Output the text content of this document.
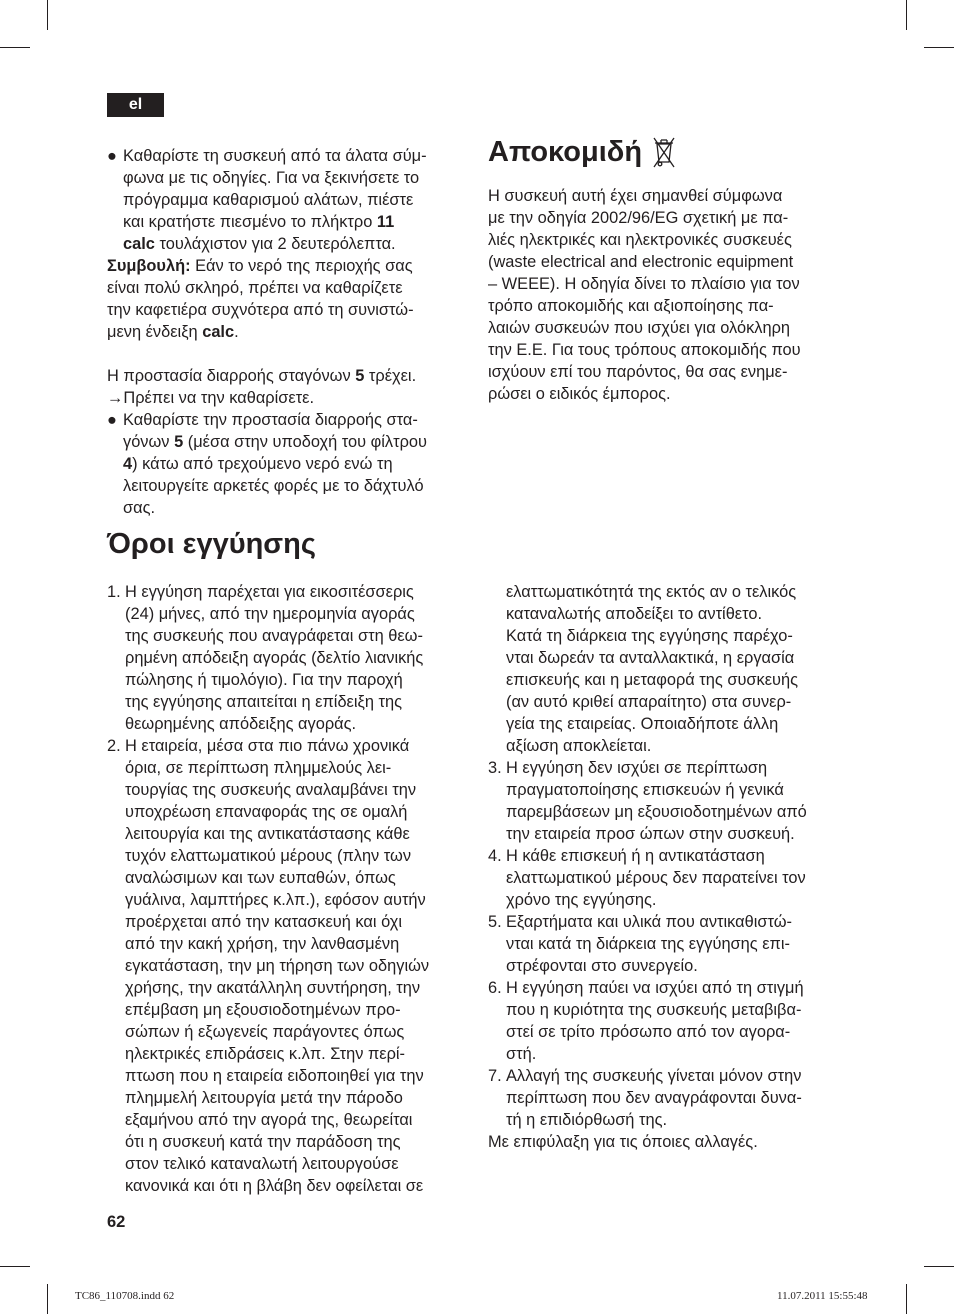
el
● Καθαρίστε τη συσκευή από τα άλατα σύμ-
φωνα με τις οδηγίες. Για να ξεκινήσετε το
πρόγραμμα καθαρισμού αλάτων, πιέστε
και κρατήστε πιεσμένο το πλήκτρο 11
calc τουλάχιστον για 2 δευτερόλεπτα.

Συμβουλή: Εάν το νερό της περιοχής σας
είναι πολύ σκληρό, πρέπει να καθαρίζετε
την καφετιέρα συχνότερα από τη συνιστώ-
μενη ένδειξη calc.

Η προστασία διαρροής σταγόνων 5 τρέχει.

→Πρέπει να την καθαρίσετε.

● Καθαρίστε την προστασία διαρροής στα-
γόνων 5 (μέσα στην υποδοχή του φίλτρου
4) κάτω από τρεχούμενο νερό ενώ τη
λειτουργείτε αρκετές φορές με το δάχτυλό
σας.
Αποκομιδή
Η συσκευή αυτή έχει σημανθεί σύμφωνα
με την οδηγία 2002/96/EG σχετική με πα-
λιές ηλεκτρικές και ηλεκτρονικές συσκευές
(waste electrical and electronic equipment
– WEEE). Η οδηγία δίνει το πλαίσιο για τον
τρόπο αποκομιδής και αξιοποίησης πα-
λαιών συσκευών που ισχύει για ολόκληρη
την Ε.Ε. Για τους τρόπους αποκομιδής που
ισχύουν επί του παρόντος, θα σας ενημε-
ρώσει ο ειδικός έμπορος.
Όροι εγγύησης
1. Η εγγύηση παρέχεται για εικοσιτέσσερις
(24) μήνες, από την ημερομηνία αγοράς
της συσκευής που αναγράφεται στη θεω-
ρημένη απόδειξη αγοράς (δελτίο λιανικής
πώλησης ή τιμολόγιο). Για την παροχή
της εγγύησης απαιτείται η επίδειξη της
θεωρημένης απόδειξης αγοράς.
2. Η εταιρεία, μέσα στα πιο πάνω χρονικά
όρια, σε περίπτωση πλημμελούς λει-
τουργίας της συσκευής αναλαμβάνει την
υποχρέωση επαναφοράς της σε ομαλή
λειτουργία και της αντικατάστασης κάθε
τυχόν ελαττωματικού μέρους (πλην των
αναλώσιμων και των ευπαθών, όπως
γυάλινα, λαμπτήρες κ.λπ.), εφόσον αυτήν
προέρχεται από την κατασκευή και όχι
από την κακή χρήση, την λανθασμένη
εγκατάσταση, την μη τήρηση των οδηγιών
χρήσης, την ακατάλληλη συντήρηση, την
επέμβαση μη εξουσιοδοτημένων προ-
σώπων ή εξωγενείς παράγοντες όπως
ηλεκτρικές επιδράσεις κ.λπ. Στην περί-
πτωση που η εταιρεία ειδοποιηθεί για την
πλημμελή λειτουργία μετά την πάροδο
εξαμήνου από την αγορά της, θεωρείται
ότι η συσκευή κατά την παράδοση της
στον τελικό καταναλωτή λειτουργούσε
κανονικά και ότι η βλάβη δεν οφείλεται σε
ελαττωματικότητά της εκτός αν ο τελικός
καταναλωτής αποδείξει το αντίθετο.
Κατά τη διάρκεια της εγγύησης παρέχο-
νται δωρεάν τα ανταλλακτικά, η εργασία
επισκευής και η μεταφορά της συσκευής
(αν αυτό κριθεί απαραίτητο) στα συνερ-
γεία της εταιρείας. Οποιαδήποτε άλλη
αξίωση αποκλείεται.
3. Η εγγύηση δεν ισχύει σε περίπτωση
πραγματοποίησης επισκευών ή γενικά
παρεμβάσεων μη εξουσιοδοτημένων από
την εταιρεία προσ ώπων στην συσκευή.
4. Η κάθε επισκευή ή η αντικατάσταση
ελαττωματικού μέρους δεν παρατείνει τον
χρόνο της εγγύησης.
5. Εξαρτήματα και υλικά που αντικαθιστώ-
νται κατά τη διάρκεια της εγγύησης επι-
στρέφονται στο συνεργείο.
6. Η εγγύηση παύει να ισχύει από τη στιγμή
που η κυριότητα της συσκευής μεταβιβα-
στεί σε τρίτο πρόσωπο από τον αγορα-
στή.
7. Αλλαγή της συσκευής γίνεται μόνον στην
περίπτωση που δεν αναγράφονται δυνα-
τή η επιδιόρθωσή της.

Με επιφύλαξη για τις όποιες αλλαγές.

62
TC86_110708.indd 62	11.07.2011 15:55:48
